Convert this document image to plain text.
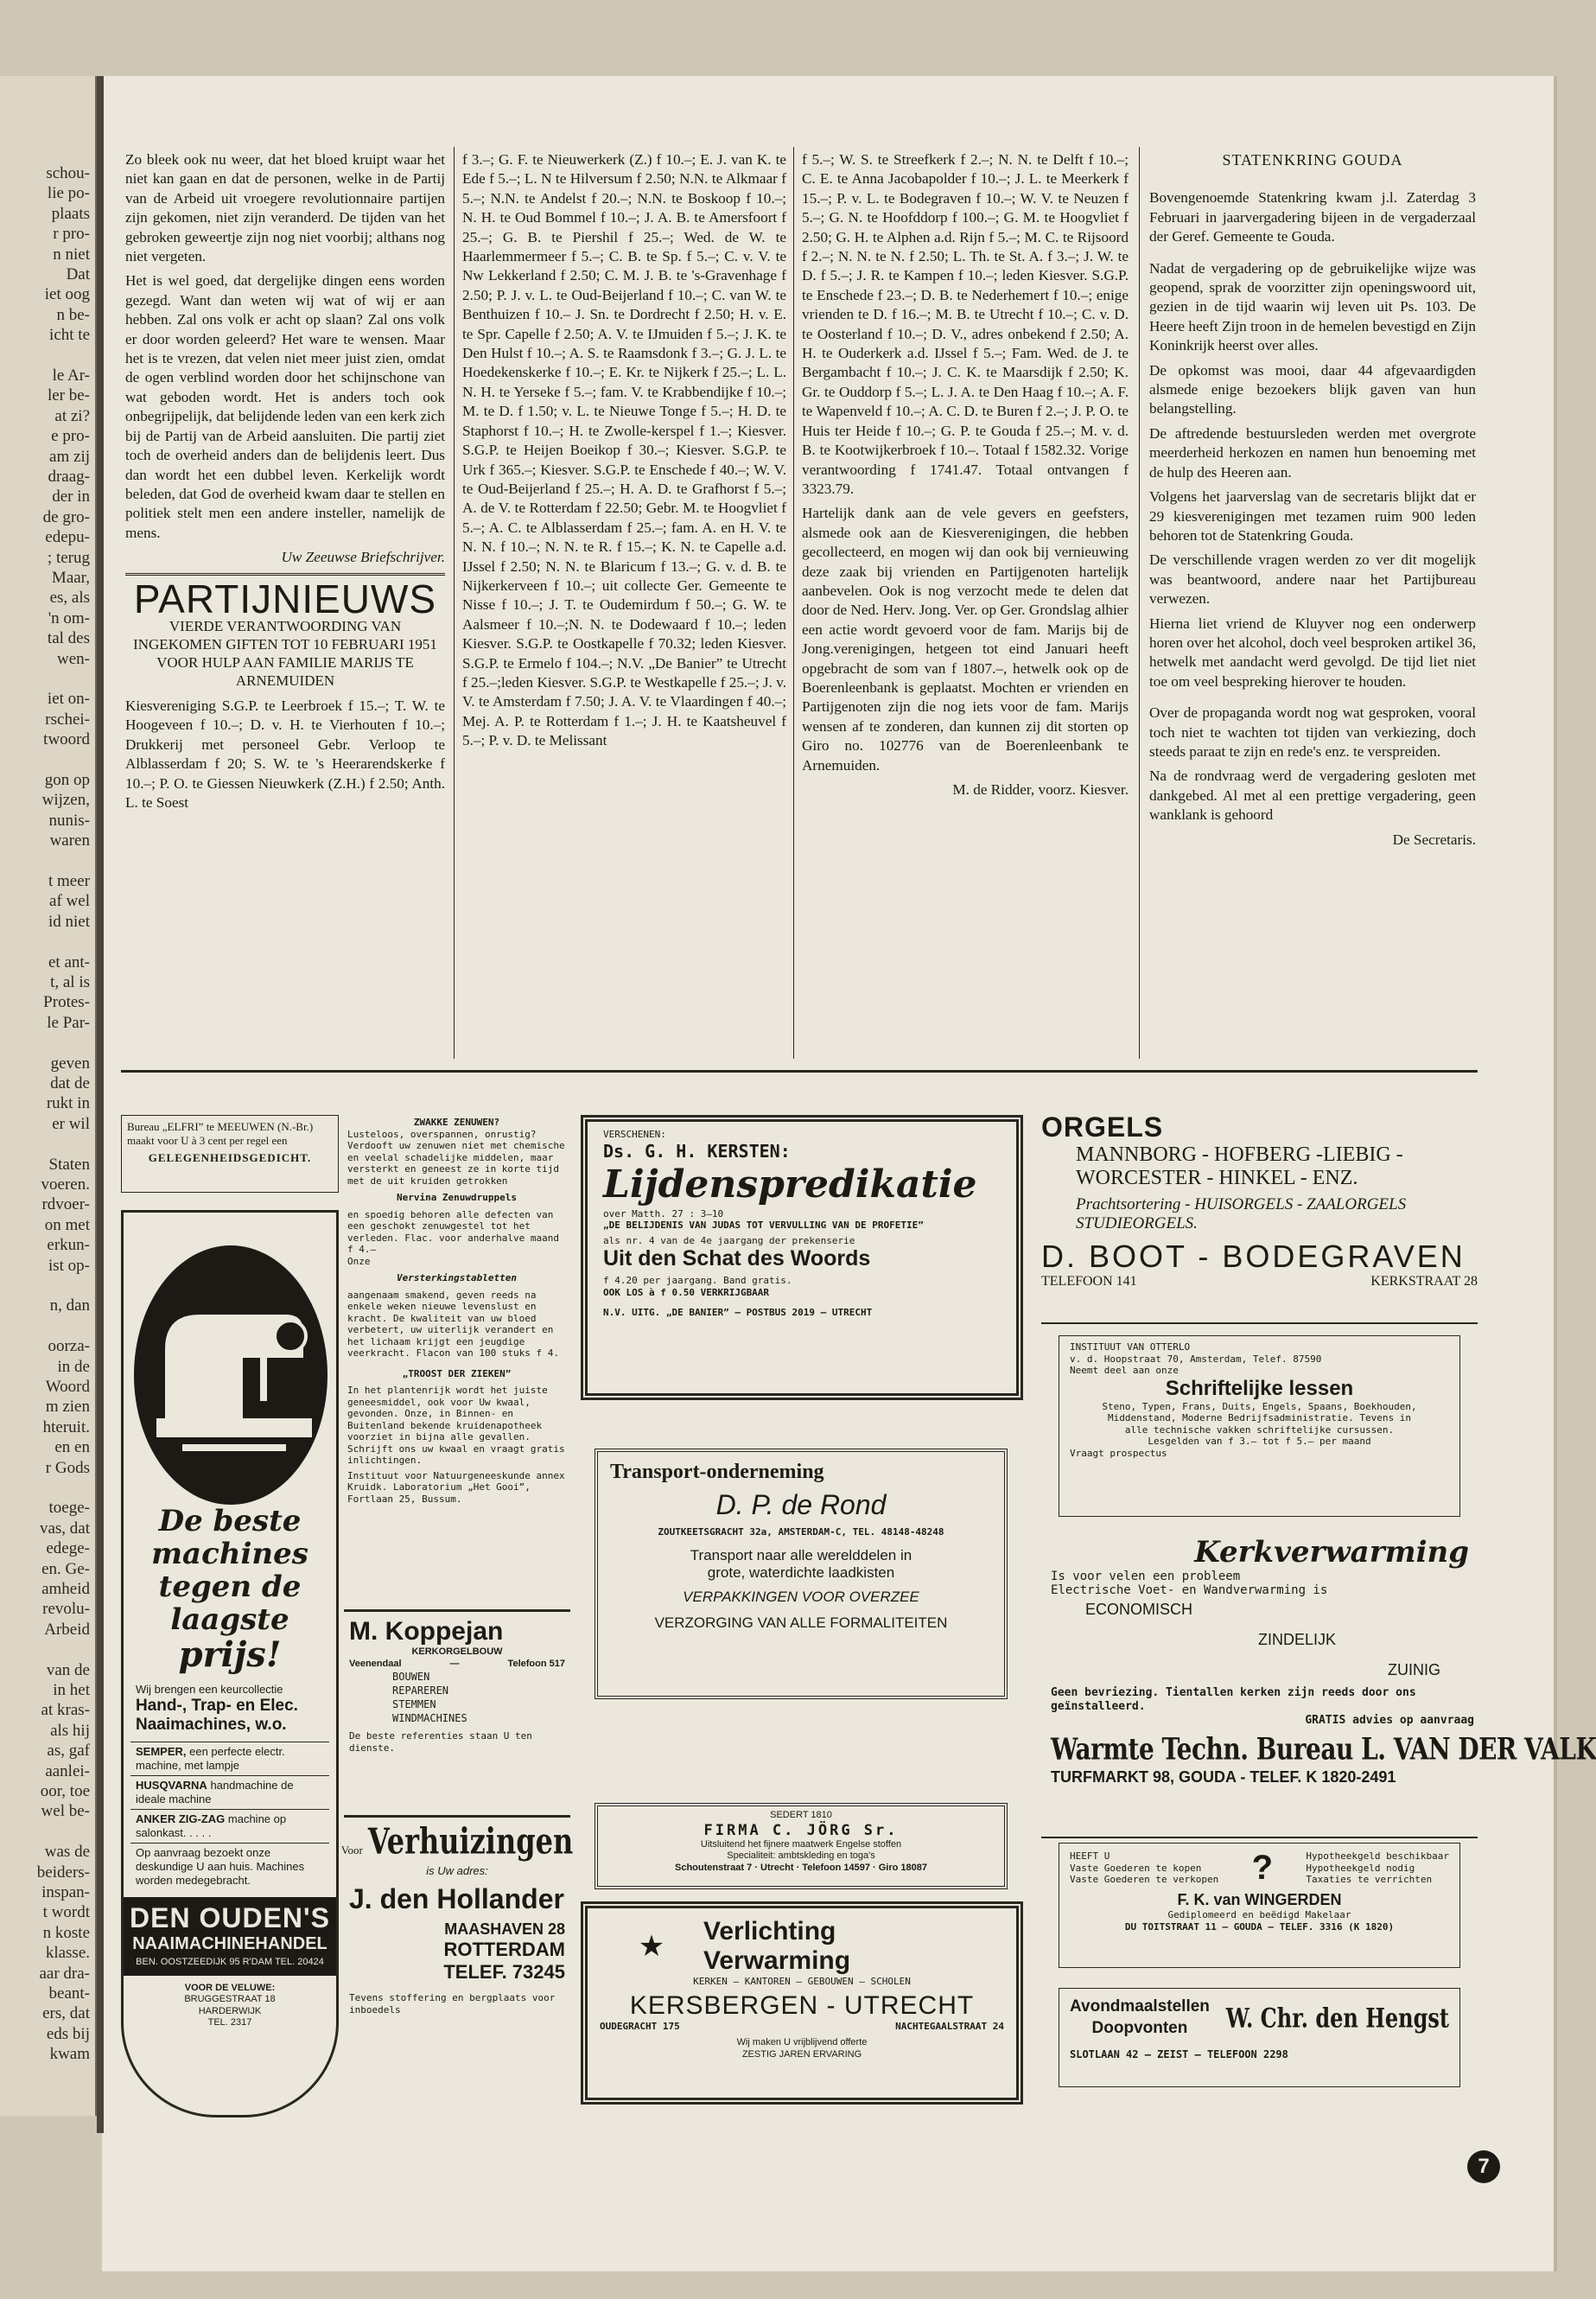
schou-
lie po-
plaats
r pro-
n niet
Dat
iet oog
n be-
icht te
le Ar-
ler be-
at zi?
e pro-
am zij
draag-
der in
de gro-
edepu-
; terug
Maar,
es, als
'n om-
tal des
wen-
iet on-
rschei-
twoord
gon op
wijzen,
nunis-
waren
t meer
af wel
id niet
et ant-
t, al is
Protes-
le Par-
geven
dat de
rukt in
er wil
Staten
voeren.
rdvoer-
on met
erkun-
ist op-
n, dan
oorza-
in de
Woord
m zien
hteruit.
en en
r Gods
toege-
vas, dat
edege-
en. Ge-
amheid
revolu-
Arbeid
van de
in het
at kras-
als hij
as, gaf
aanlei-
oor, toe
wel be-
was de
beiders-
inspan-
t wordt
n koste
klasse.
aar dra-
beant-
ers, dat
eds bij
kwam

Zo bleek ook nu weer, dat het bloed kruipt waar het niet kan gaan en dat de personen, welke in de Partij van de Arbeid uit vroegere revolutionnaire partijen zijn gekomen, niet zijn veranderd. De tijden van het gebroken geweertje zijn nog niet voorbij; althans nog niet vergeten.

Het is wel goed, dat dergelijke dingen eens worden gezegd. Want dan weten wij wat of wij er aan hebben. Zal ons volk er acht op slaan? Zal ons volk er door worden geleerd? Het ware te wensen. Maar het is te vrezen, dat velen niet meer juist zien, omdat de ogen verblind worden door het schijnschone van wat geboden wordt. Het is anders toch ook onbegrijpelijk, dat belijdende leden van een kerk zich bij de Partij van de Arbeid aansluiten. Die partij ziet toch de overheid anders dan de belijdenis leert. Dus dan wordt het een dubbel leven. Kerkelijk wordt beleden, dat God de overheid kwam daar te stellen en politiek stelt men een andere insteller, namelijk de mens.

Uw Zeeuwse Briefschrijver.

PARTIJNIEUWS
VIERDE VERANTWOORDING VAN INGEKOMEN GIFTEN TOT 10 FEBRUARI 1951 VOOR HULP AAN FAMILIE MARIJS TE ARNEMUIDEN

Kiesvereniging S.G.P. te Leerbroek f 15.–; T. W. te Hoogeveen f 10.–; D. v. H. te Vierhouten f 10.–; Drukkerij met personeel Gebr. Verloop te Alblasserdam f 20; S. W. te 's Heerarendskerke f 10.–; P. O. te Giessen Nieuwkerk (Z.H.) f 2.50; Anth. L. te Soest

f 3.–; G. F. te Nieuwerkerk (Z.) f 10.–; E. J. van K. te Ede f 5.–; L. N te Hilversum f 2.50; N.N. te Alkmaar f 5.–; N.N. te Andelst f 20.–; N.N. te Boskoop f 10.–; N. H. te Oud Bommel f 10.–; J. A. B. te Amersfoort f 25.–; G. B. te Piershil f 25.–; Wed. de W. te Haarlemmermeer f 5.–; C. B. te Sp. f 5.–; C. v. V. te Nw Lekkerland f 2.50; C. M. J. B. te 's-Gravenhage f 2.50; P. J. v. L. te Oud-Beijerland f 10.–; C. van W. te Benthuizen f 10.– J. Sn. te Dordrecht f 2.50; H. v. E. te Spr. Capelle f 2.50; A. V. te IJmuiden f 5.–; J. K. te Den Hulst f 10.–; A. S. te Raamsdonk f 3.–; G. J. L. te Hoedekenskerke f 10.–; E. Kr. te Nijkerk f 25.–; L. L. N. H. te Yerseke f 5.–; fam. V. te Krabbendijke f 10.–; M. te D. f 1.50; v. L. te Nieuwe Tonge f 5.–; H. D. te Staphorst f 10.–; H. te Zwolle-kerspel f 1.–; Kiesver. S.G.P. te Heijen Boeikop f 30.–; Kiesver. S.G.P. te Urk f 365.–; Kiesver. S.G.P. te Enschede f 40.–; W. V. te Oud-Beijerland f 25.–; H. A. D. te Grafhorst f 5.–; A. de V. te Rotterdam f 22.50; Gebr. M. te Hoogvliet f 5.–; A. C. te Alblasserdam f 25.–; fam. A. en H. V. te N. N. f 10.–; N. N. te R. f 15.–; K. N. te Capelle a.d. IJssel f 2.50; N. N. te Blaricum f 13.–; G. v. d. B. te Nijkerkerveen f 10.–; uit collecte Ger. Gemeente te Nisse f 10.–; J. T. te Oudemirdum f 50.–; G. W. te Aalsmeer f 10.–;N. N. te Dodewaard f 10.–; leden Kiesver. S.G.P. te Oostkapelle f 70.32; leden Kiesver. S.G.P. te Ermelo f 104.–; N.V. „De Banier” te Utrecht f 25.–;leden Kiesver. S.G.P. te Westkapelle f 25.–; J. v. V. te Amsterdam f 7.50; J. A. V. te Vlaardingen f 40.–; Mej. A. P. te Rotterdam f 1.–; J. H. te Kaatsheuvel f 5.–; P. v. D. te Melissant

f 5.–; W. S. te Streefkerk f 2.–; N. N. te Delft f 10.–; C. E. te Anna Jacobapolder f 10.–; J. L. te Meerkerk f 15.–; P. v. L. te Bodegraven f 10.–; W. V. te Neuzen f 5.–; G. N. te Hoofddorp f 100.–; G. M. te Hoogvliet f 2.50; G. H. te Alphen a.d. Rijn f 5.–; M. C. te Rijsoord f 2.–; N. N. te N. f 2.50; L. Th. te St. A. f 3.–; J. W. te D. f 5.–; J. R. te Kampen f 10.–; leden Kiesver. S.G.P. te Enschede f 23.–; D. B. te Nederhemert f 10.–; enige vrienden te D. f 16.–; M. B. te Utrecht f 10.–; C. v. D. te Oosterland f 10.–; D. V., adres onbekend f 2.50; A. H. te Ouderkerk a.d. IJssel f 5.–; Fam. Wed. de J. te Bergambacht f 10.–; J. C. K. te Maarsdijk f 2.50; K. Gr. te Ouddorp f 5.–; L. J. A. te Den Haag f 10.–; A. F. te Wapenveld f 10.–; A. C. D. te Buren f 2.–; J. P. O. te Huis ter Heide f 10.–; G. P. te Gouda f 25.–; M. v. d. B. te Kootwijkerbroek f 10.–. Totaal f 1582.32. Vorige verantwoording f 1741.47. Totaal ontvangen f 3323.79.

Hartelijk dank aan de vele gevers en geefsters, alsmede ook aan de Kiesverenigingen, die hebben gecollecteerd, en mogen wij dan ook bij vernieuwing deze zaak bij vrienden en Partijgenoten hartelijk aanbevelen. Ook is nog verzocht mede te delen dat door de Ned. Herv. Jong. Ver. op Ger. Grondslag alhier een actie wordt gevoerd voor de fam. Marijs bij de Jong.verenigingen, hetgeen tot eind Januari heeft opgebracht de som van f 1807.–, hetwelk ook op de Boerenleenbank is geplaatst. Mochten er vrienden en Partijgenoten zijn die nog iets voor de fam. Marijs wensen af te zonderen, dan kunnen zij dit storten op Giro no. 102776 van de Boerenleenbank te Arnemuiden.

M. de Ridder, voorz. Kiesver.

STATENKRING GOUDA

Bovengenoemde Statenkring kwam j.l. Zaterdag 3 Februari in jaarvergadering bijeen in de vergaderzaal der Geref. Gemeente te Gouda.

Nadat de vergadering op de gebruikelijke wijze was geopend, sprak de voorzitter zijn openingswoord uit, gezien in de tijd waarin wij leven uit Ps. 103. De Heere heeft Zijn troon in de hemelen bevestigd en Zijn Koninkrijk heerst over alles.

De opkomst was mooi, daar 44 afgevaardigden alsmede enige bezoekers blijk gaven van hun belangstelling.

De aftredende bestuursleden werden met overgrote meerderheid herkozen en namen hun benoeming met de hulp des Heeren aan.

Volgens het jaarverslag van de secretaris blijkt dat er 29 kiesverenigingen met tezamen ruim 900 leden behoren tot de Statenkring Gouda.

De verschillende vragen werden zo ver dit mogelijk was beantwoord, andere naar het Partijbureau verwezen.

Hierna liet vriend de Kluyver nog een onderwerp horen over het alcohol, doch veel besproken artikel 36, hetwelk met aandacht werd gevolgd. De tijd liet niet toe om veel bespreking hierover te houden.

Over de propaganda wordt nog wat gesproken, vooral toch niet te wachten tot tijden van verkiezing, doch steeds paraat te zijn en rede's enz. te verspreiden.

Na de rondvraag werd de vergadering gesloten met dankgebed. Al met al een prettige vergadering, geen wanklank is gehoord

De Secretaris.

Bureau „ELFRI” te MEEUWEN (N.-Br.) maakt voor U à 3 cent per regel een
GELEGENHEIDSGEDICHT.
De beste machines
tegen de laagste
prijs!
Wij brengen een keurcollectie
Hand-, Trap- en Elec.
Naaimachines, w.o.
SEMPER, een perfecte electr. machine, met lampje
HUSQVARNA handmachine de ideale machine
ANKER ZIG-ZAG machine op salonkast. . . . .
Op aanvraag bezoekt onze deskundige U aan huis. Machines worden medegebracht.
DEN OUDEN'S
NAAIMACHINEHANDEL
BEN. OOSTZEEDIJK 95 R'DAM TEL. 20424
VOOR DE VELUWE:
BRUGGESTRAAT 18
HARDERWIJK
TEL. 2317
ZWAKKE ZENUWEN?
Lusteloos, overspannen, onrustig? Verdooft uw zenuwen niet met chemische en veelal schadelijke middelen, maar versterkt en geneest ze in korte tijd met de uit kruiden getrokken
Nervina Zenuwdruppels
en spoedig behoren alle defecten van een geschokt zenuwgestel tot het verleden. Flac. voor anderhalve maand f 4.–
Onze
Versterkingstabletten
aangenaam smakend, geven reeds na enkele weken nieuwe levenslust en kracht. De kwaliteit van uw bloed verbetert, uw uiterlijk verandert en het lichaam krijgt een jeugdige veerkracht. Flacon van 100 stuks f 4.
„TROOST DER ZIEKEN”
In het plantenrijk wordt het juiste geneesmiddel, ook voor Uw kwaal, gevonden. Onze, in Binnen- en Buitenland bekende kruidenapotheek voorziet in bijna alle gevallen. Schrijft ons uw kwaal en vraagt gratis inlichtingen.
Instituut voor Natuurgeneeskunde annex Kruidk. Laboratorium „Het Gooi”, Fortlaan 25, Bussum.
M. Koppejan
KERKORGELBOUW
Veenendaal	—	Telefoon 517
BOUWEN
REPAREREN
STEMMEN
WINDMACHINES
De beste referenties staan U ten dienste.
Voor Verhuizingen
is Uw adres:
J. den Hollander
MAASHAVEN 28
ROTTERDAM
TELEF. 73245
Tevens stoffering en bergplaats voor inboedels
VERSCHENEN:
Ds. G. H. KERSTEN:
Lijdenspredikatie
over Matth. 27 : 3–10
„DE BELIJDENIS VAN JUDAS TOT VERVULLING VAN DE PROFETIE”
als nr. 4 van de 4e jaargang der prekenserie
Uit den Schat des Woords
f 4.20 per jaargang. Band gratis.
OOK LOS à f 0.50 VERKRIJGBAAR
N.V. UITG. „DE BANIER” — POSTBUS 2019 — UTRECHT
Transport-onderneming
D. P. de Rond
ZOUTKEETSGRACHT 32a, AMSTERDAM-C, TEL. 48148-48248
Transport naar alle werelddelen in
grote, waterdichte laadkisten
VERPAKKINGEN VOOR OVERZEE
VERZORGING VAN ALLE FORMALITEITEN
SEDERT 1810
FIRMA C. JÖRG Sr.
Uitsluitend het fijnere maatwerk Engelse stoffen
Specialiteit: ambtskleding en toga's
Schoutenstraat 7 · Utrecht · Telefoon 14597 · Giro 18087
★	Verlichting
Verwarming
KERKEN — KANTOREN — GEBOUWEN — SCHOLEN
KERSBERGEN - UTRECHT
OUDEGRACHT 175	NACHTEGAALSTRAAT 24
Wij maken U vrijblijvend offerte
ZESTIG JAREN ERVARING
ORGELS
MANNBORG - HOFBERG -LIEBIG - WORCESTER - HINKEL - ENZ.
Prachtsortering - HUISORGELS - ZAALORGELS STUDIEORGELS.
D. BOOT - BODEGRAVEN
TELEFOON 141	KERKSTRAAT 28
INSTITUUT VAN OTTERLO
v. d. Hoopstraat 70, Amsterdam, Telef. 87590
Neemt deel aan onze
Schriftelijke lessen
Steno, Typen, Frans, Duits, Engels, Spaans, Boekhouden, Middenstand, Moderne Bedrijfsadministratie. Tevens in alle technische vakken schriftelijke cursussen.
Lesgelden van f 3.– tot f 5.– per maand
Vraagt prospectus
Kerkverwarming
Is voor velen een probleem
Electrische Voet- en Wandverwarming is
ECONOMISCH
ZINDELIJK
ZUINIG
Geen bevriezing. Tientallen kerken zijn reeds door ons geïnstalleerd.
GRATIS advies op aanvraag
Warmte Techn. Bureau L. VAN DER VALK
TURFMARKT 98, GOUDA - TELEF. K 1820-2491
HEEFT U
Vaste Goederen te kopen
Vaste Goederen te verkopen ?	Hypotheekgeld beschikbaar
Hypotheekgeld nodig
Taxaties te verrichten
F. K. van WINGERDEN
Gediplomeerd en beëdigd Makelaar
DU TOITSTRAAT 11 — GOUDA — TELEF. 3316 (K 1820)
Avondmaalstellen
Doopvonten	W. Chr. den Hengst
SLOTLAAN 42 — ZEIST — TELEFOON 2298
7
